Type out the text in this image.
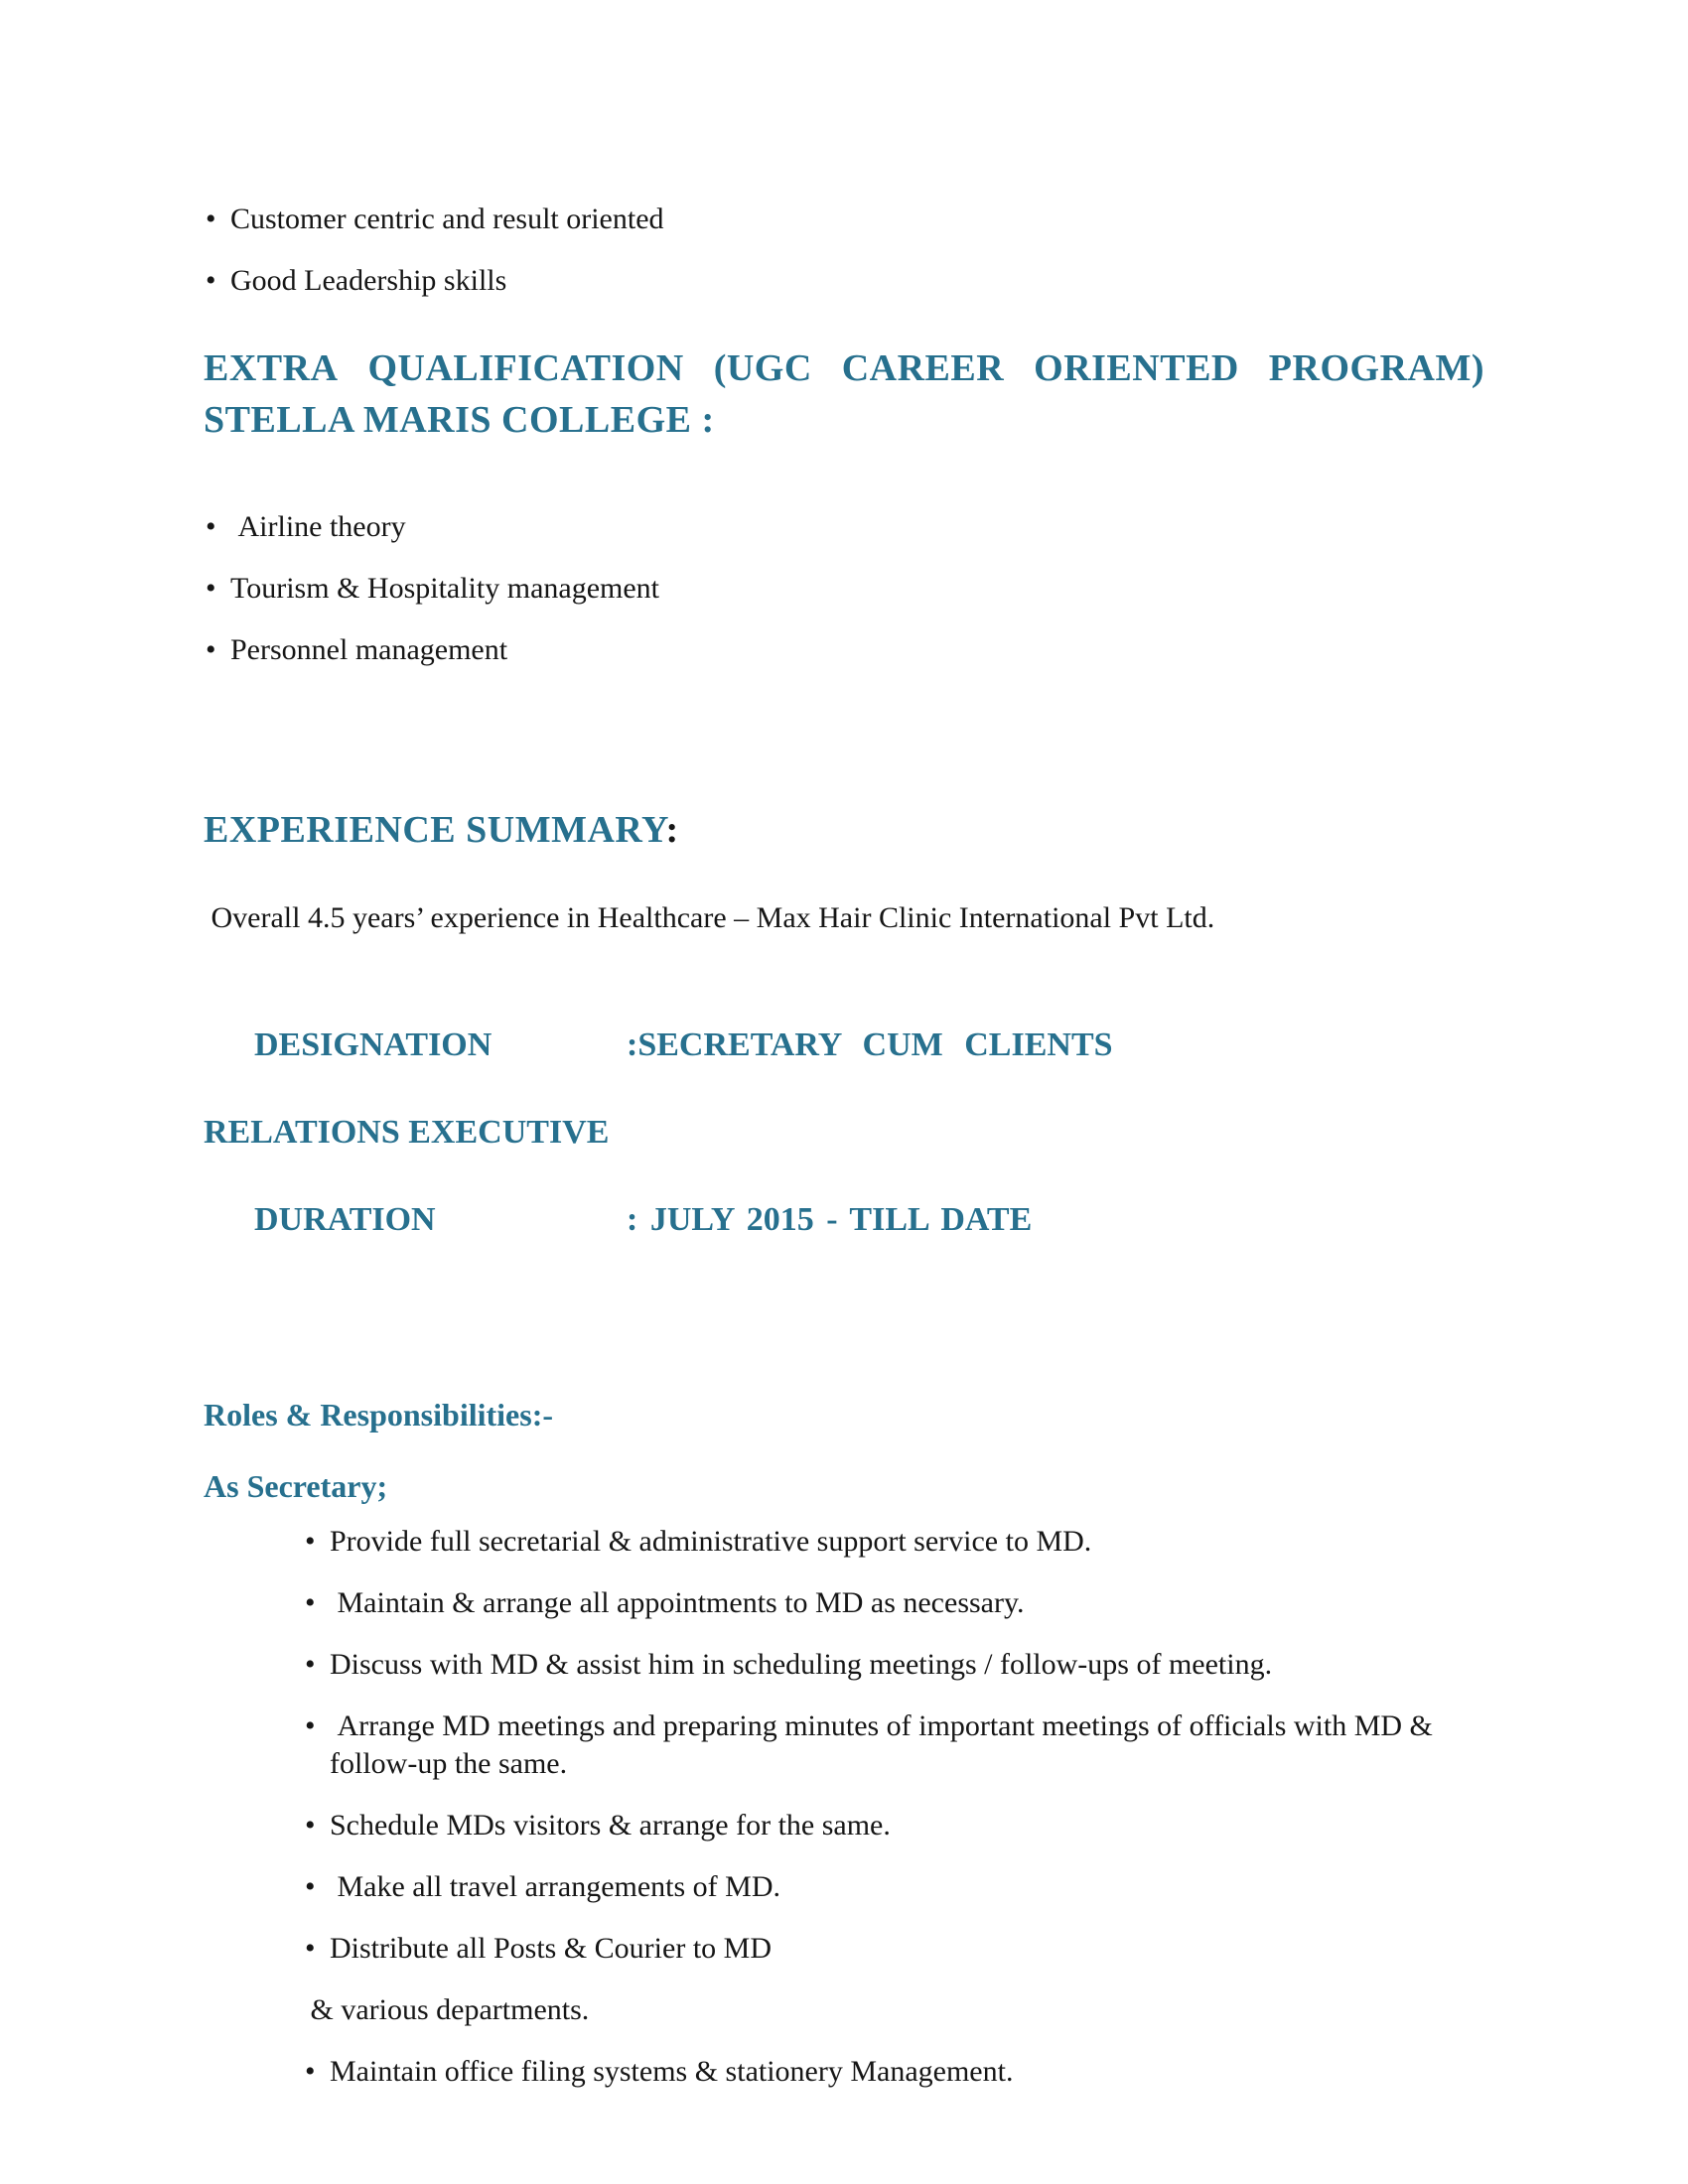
• Customer centric and result oriented
• Good Leadership skills
EXTRA QUALIFICATION (UGC CAREER ORIENTED PROGRAM)
STELLA MARIS COLLEGE :
•  Airline theory
• Tourism & Hospitality management
• Personnel management
EXPERIENCE SUMMARY:
Overall 4.5 years’ experience in Healthcare – Max Hair Clinic International Pvt Ltd.

DESIGNATION	:SECRETARY CUM CLIENTS

RELATIONS EXECUTIVE

DURATION	: JULY 2015 - TILL DATE

Roles & Responsibilities:-
As Secretary;
• Provide full secretarial & administrative support service to MD.
•  Maintain & arrange all appointments to MD as necessary.
• Discuss with MD & assist him in scheduling meetings / follow-ups of meeting.
•  Arrange MD meetings and preparing minutes of important meetings of officials with MD &    follow-up the same.
• Schedule MDs visitors & arrange for the same.
•  Make all travel arrangements of MD.
• Distribute all Posts & Courier to MD
& various departments.
• Maintain office filing systems & stationery Management.
